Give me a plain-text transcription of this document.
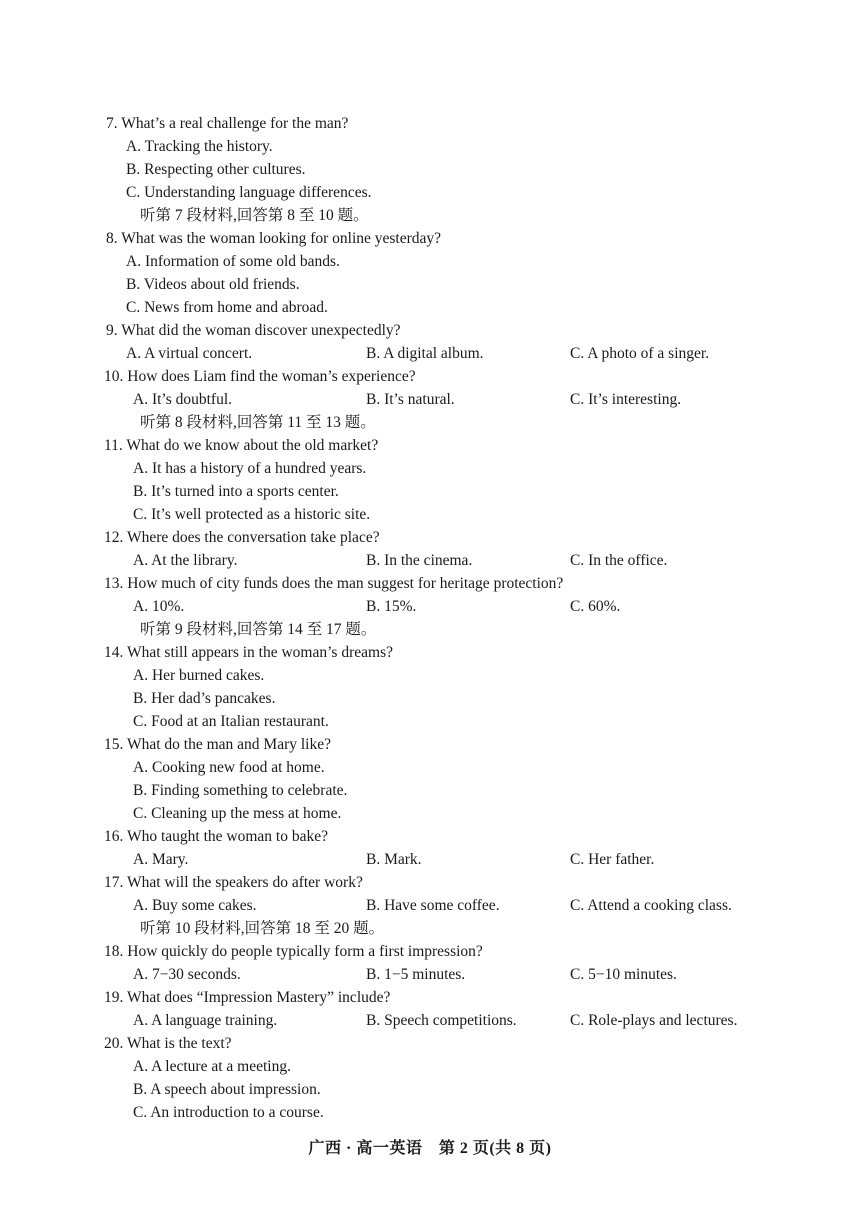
7. What’s a real challenge for the man?
A. Tracking the history.
B. Respecting other cultures.
C. Understanding language differences.
听第 7 段材料,回答第 8 至 10 题。
8. What was the woman looking for online yesterday?
A. Information of some old bands.
B. Videos about old friends.
C. News from home and abroad.
9. What did the woman discover unexpectedly?
A. A virtual concert.	B. A digital album.	C. A photo of a singer.
10. How does Liam find the woman’s experience?
A. It’s doubtful.	B. It’s natural.	C. It’s interesting.
听第 8 段材料,回答第 11 至 13 题。
11. What do we know about the old market?
A. It has a history of a hundred years.
B. It’s turned into a sports center.
C. It’s well protected as a historic site.
12. Where does the conversation take place?
A. At the library.	B. In the cinema.	C. In the office.
13. How much of city funds does the man suggest for heritage protection?
A. 10%.	B. 15%.	C. 60%.
听第 9 段材料,回答第 14 至 17 题。
14. What still appears in the woman’s dreams?
A. Her burned cakes.
B. Her dad’s pancakes.
C. Food at an Italian restaurant.
15. What do the man and Mary like?
A. Cooking new food at home.
B. Finding something to celebrate.
C. Cleaning up the mess at home.
16. Who taught the woman to bake?
A. Mary.	B. Mark.	C. Her father.
17. What will the speakers do after work?
A. Buy some cakes.	B. Have some coffee.	C. Attend a cooking class.
听第 10 段材料,回答第 18 至 20 题。
18. How quickly do people typically form a first impression?
A. 7−30 seconds.	B. 1−5 minutes.	C. 5−10 minutes.
19. What does “Impression Mastery” include?
A. A language training.	B. Speech competitions.	C. Role-plays and lectures.
20. What is the text?
A. A lecture at a meeting.
B. A speech about impression.
C. An introduction to a course.
广西 · 高一英语　第 2 页(共 8 页)
